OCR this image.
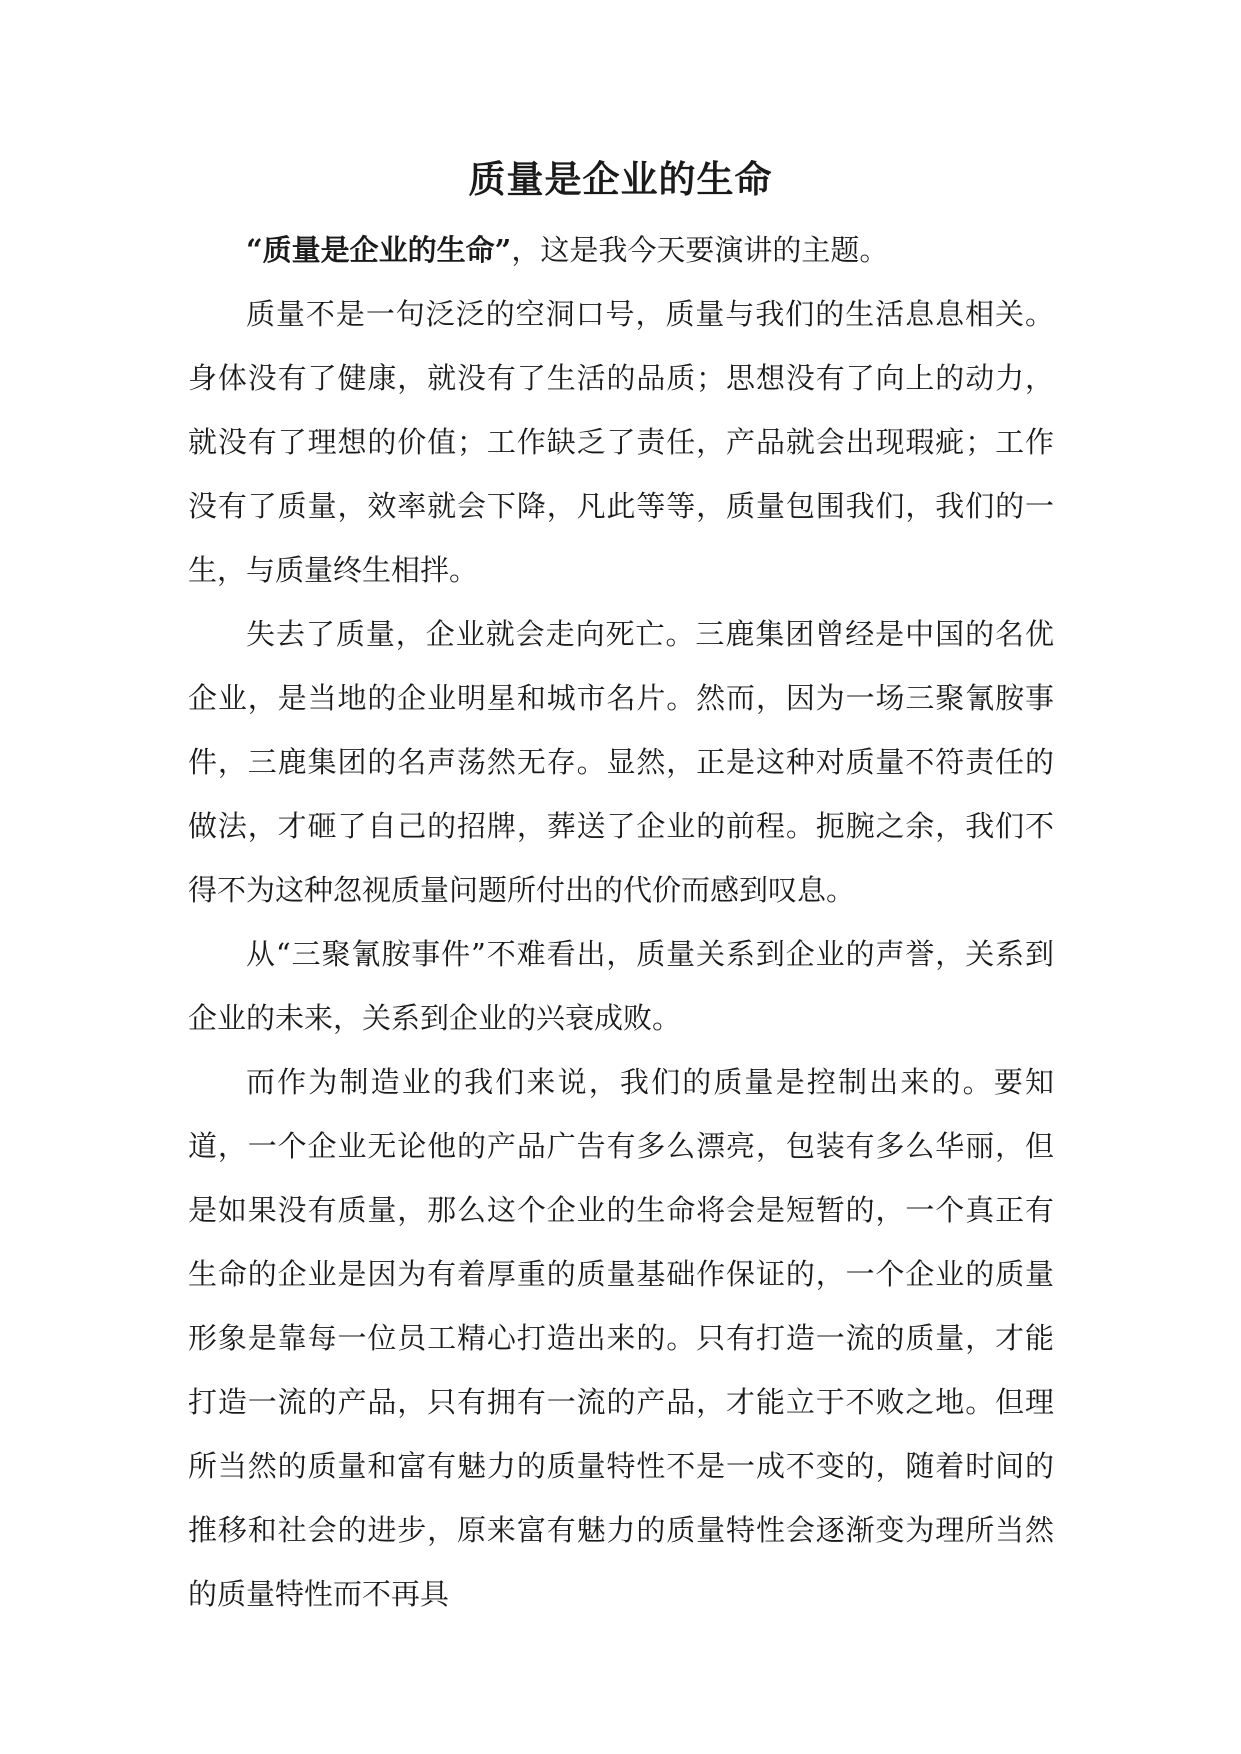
质量是企业的生命

“质量是企业的生命”，这是我今天要演讲的主题。

质量不是一句泛泛的空洞口号，质量与我们的生活息息相关。身体没有了健康，就没有了生活的品质；思想没有了向上的动力，就没有了理想的价值；工作缺乏了责任，产品就会出现瑕疵；工作没有了质量，效率就会下降，凡此等等，质量包围我们，我们的一生，与质量终生相拌。

失去了质量，企业就会走向死亡。三鹿集团曾经是中国的名优企业，是当地的企业明星和城市名片。然而，因为一场三聚氰胺事件，三鹿集团的名声荡然无存。显然，正是这种对质量不符责任的做法，才砸了自己的招牌，葬送了企业的前程。扼腕之余，我们不得不为这种忽视质量问题所付出的代价而感到叹息。

从“三聚氰胺事件”不难看出，质量关系到企业的声誉，关系到企业的未来，关系到企业的兴衰成败。

而作为制造业的我们来说，我们的质量是控制出来的。要知道，一个企业无论他的产品广告有多么漂亮，包装有多么华丽，但是如果没有质量，那么这个企业的生命将会是短暂的，一个真正有生命的企业是因为有着厚重的质量基础作保证的，一个企业的质量形象是靠每一位员工精心打造出来的。只有打造一流的质量，才能打造一流的产品，只有拥有一流的产品，才能立于不败之地。但理所当然的质量和富有魅力的质量特性不是一成不变的，随着时间的推移和社会的进步，原来富有魅力的质量特性会逐渐变为理所当然的质量特性而不再具
